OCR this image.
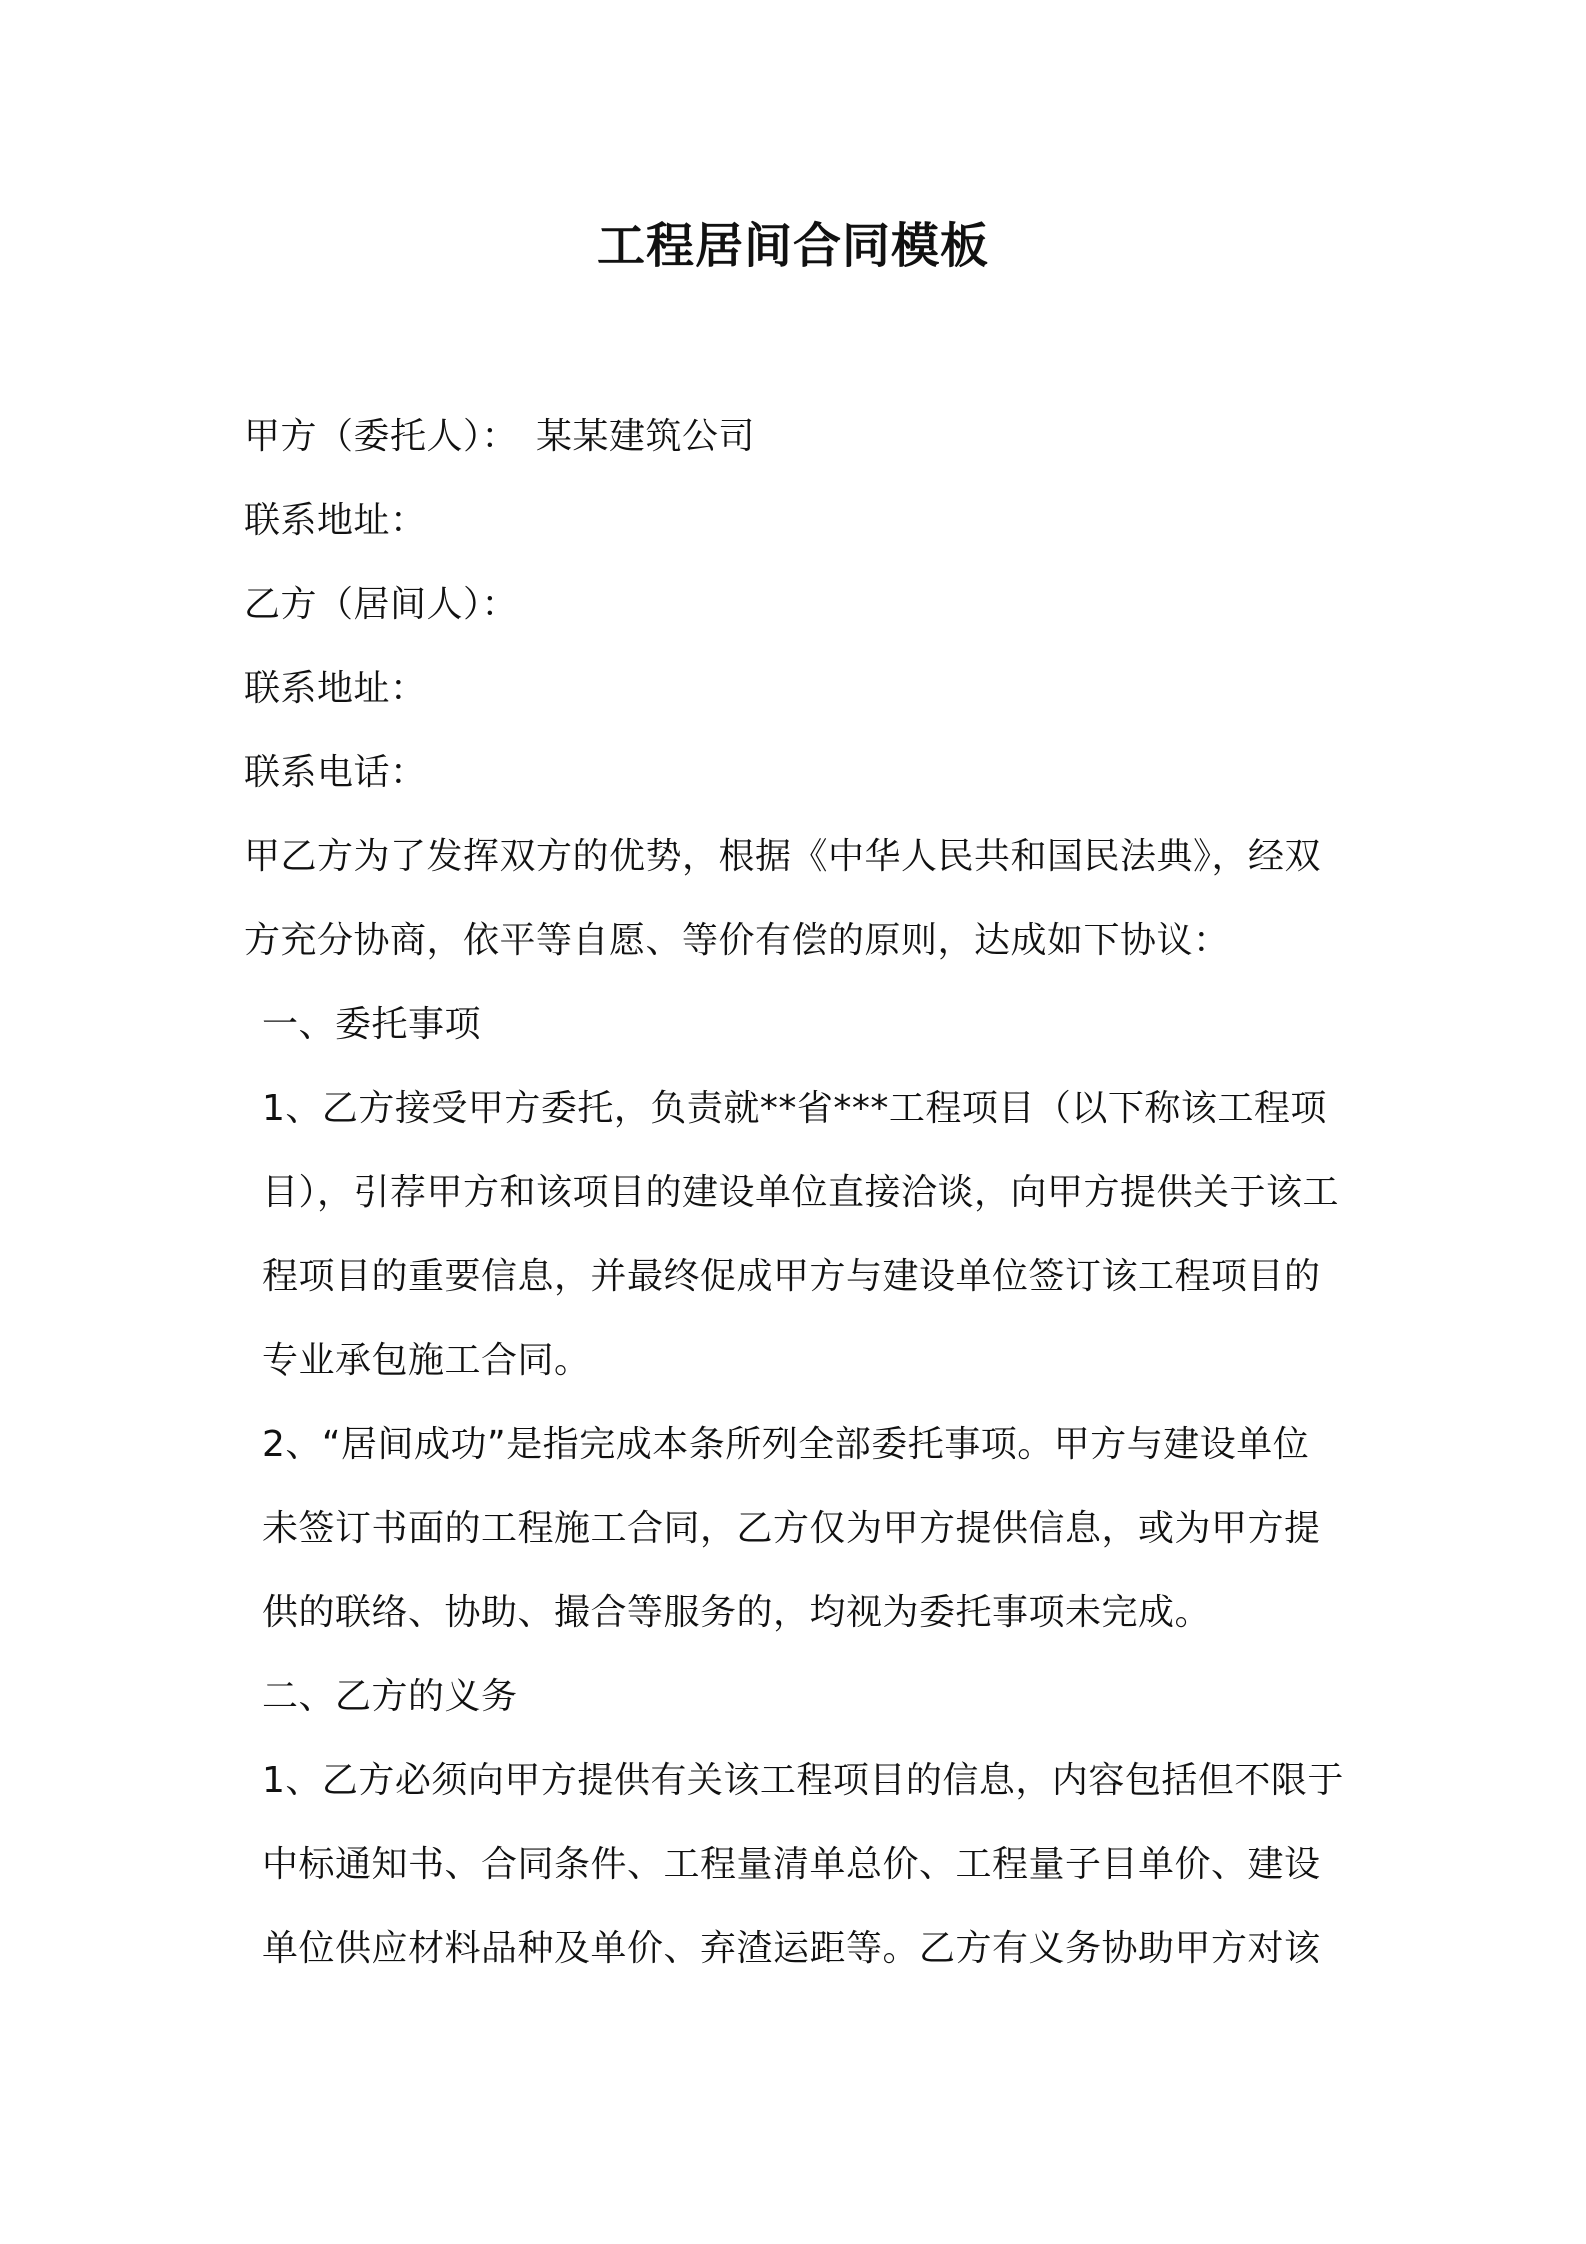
工程居间合同模板
甲方（委托人）： 某某建筑公司
联系地址：
乙方（居间人）：
联系地址：
联系电话：
甲乙方为了发挥双方的优势，根据《中华人民共和国民法典》，经双
方充分协商，依平等自愿、等价有偿的原则，达成如下协议：
一、委托事项
1、乙方接受甲方委托，负责就**省***工程项目（以下称该工程项
目），引荐甲方和该项目的建设单位直接洽谈，向甲方提供关于该工
程项目的重要信息，并最终促成甲方与建设单位签订该工程项目的
专业承包施工合同。
2、“居间成功”是指完成本条所列全部委托事项。甲方与建设单位
未签订书面的工程施工合同，乙方仅为甲方提供信息，或为甲方提
供的联络、协助、撮合等服务的，均视为委托事项未完成。
二、乙方的义务
1、乙方必须向甲方提供有关该工程项目的信息，内容包括但不限于
中标通知书、合同条件、工程量清单总价、工程量子目单价、建设
单位供应材料品种及单价、弃渣运距等。乙方有义务协助甲方对该
